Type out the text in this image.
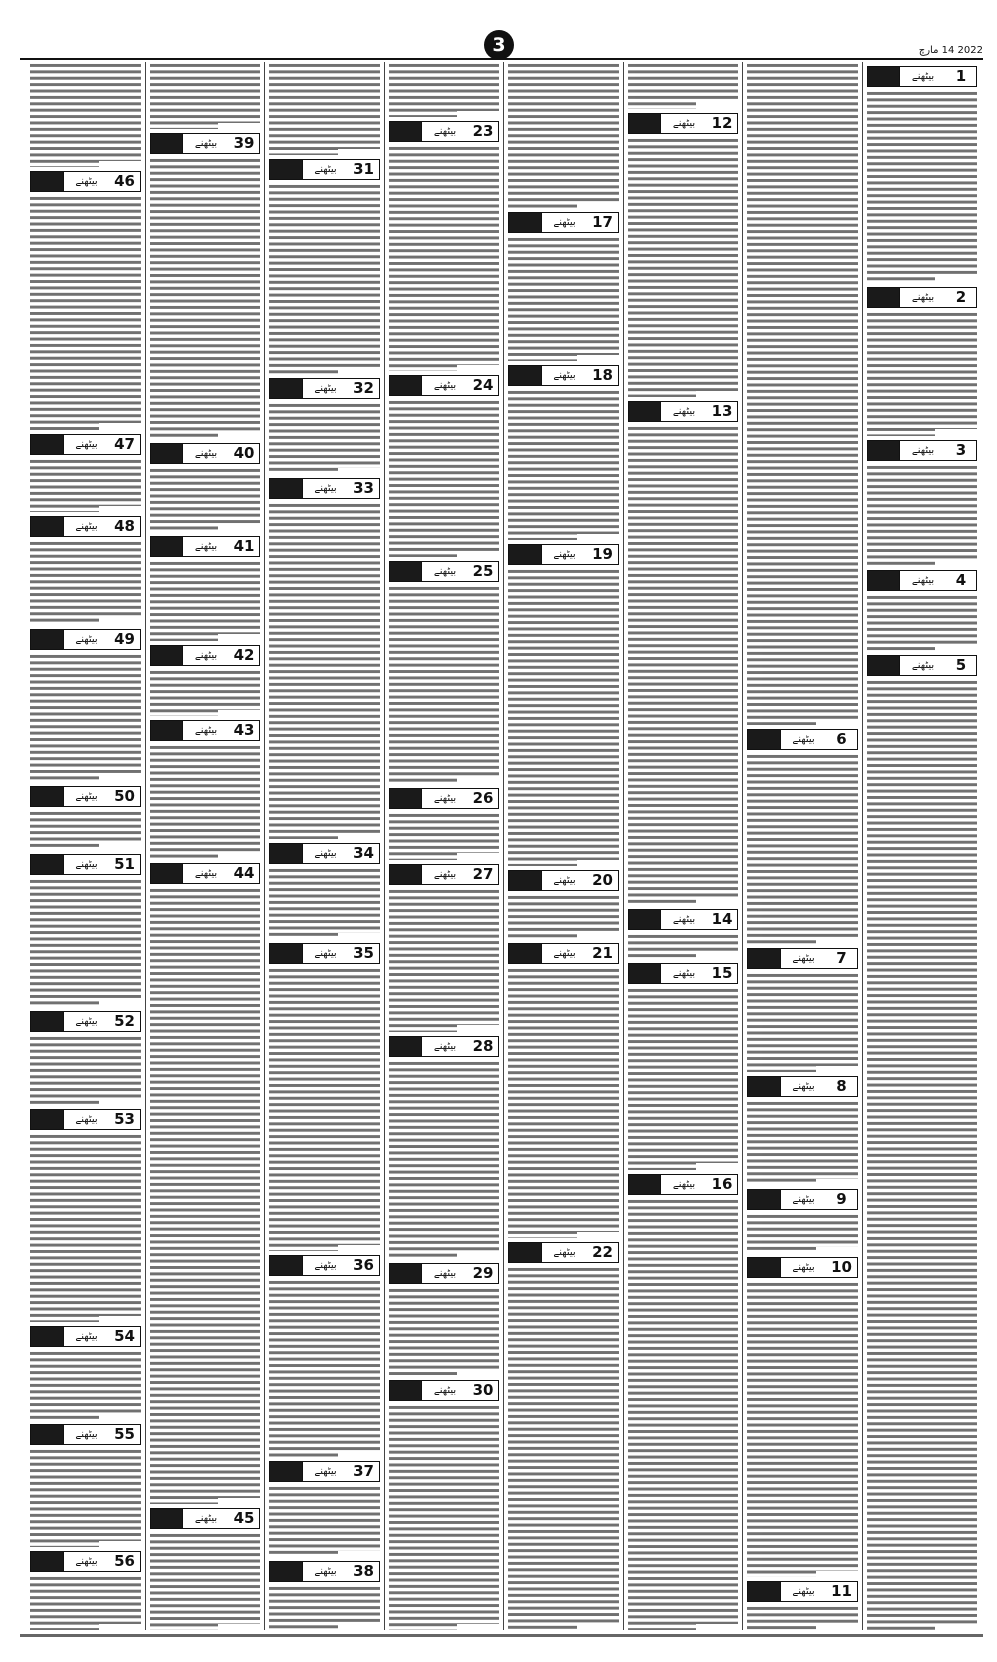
3	2022 14 مارچ
1
بیٹھنے
2
بیٹھنے
3
بیٹھنے
4
بیٹھنے
5
بیٹھنے
6
بیٹھنے
7
بیٹھنے
8
بیٹھنے
9
بیٹھنے
10
بیٹھنے
11
بیٹھنے
12
بیٹھنے
13
بیٹھنے
14
بیٹھنے
15
بیٹھنے
16
بیٹھنے
17
بیٹھنے
18
بیٹھنے
19
بیٹھنے
20
بیٹھنے
21
بیٹھنے
22
بیٹھنے
23
بیٹھنے
24
بیٹھنے
25
بیٹھنے
26
بیٹھنے
27
بیٹھنے
28
بیٹھنے
29
بیٹھنے
30
بیٹھنے
31
بیٹھنے
32
بیٹھنے
33
بیٹھنے
34
بیٹھنے
35
بیٹھنے
36
بیٹھنے
37
بیٹھنے
38
بیٹھنے
39
بیٹھنے
40
بیٹھنے
41
بیٹھنے
42
بیٹھنے
43
بیٹھنے
44
بیٹھنے
45
بیٹھنے
46
بیٹھنے
47
بیٹھنے
48
بیٹھنے
49
بیٹھنے
50
بیٹھنے
51
بیٹھنے
52
بیٹھنے
53
بیٹھنے
54
بیٹھنے
55
بیٹھنے
56
بیٹھنے
